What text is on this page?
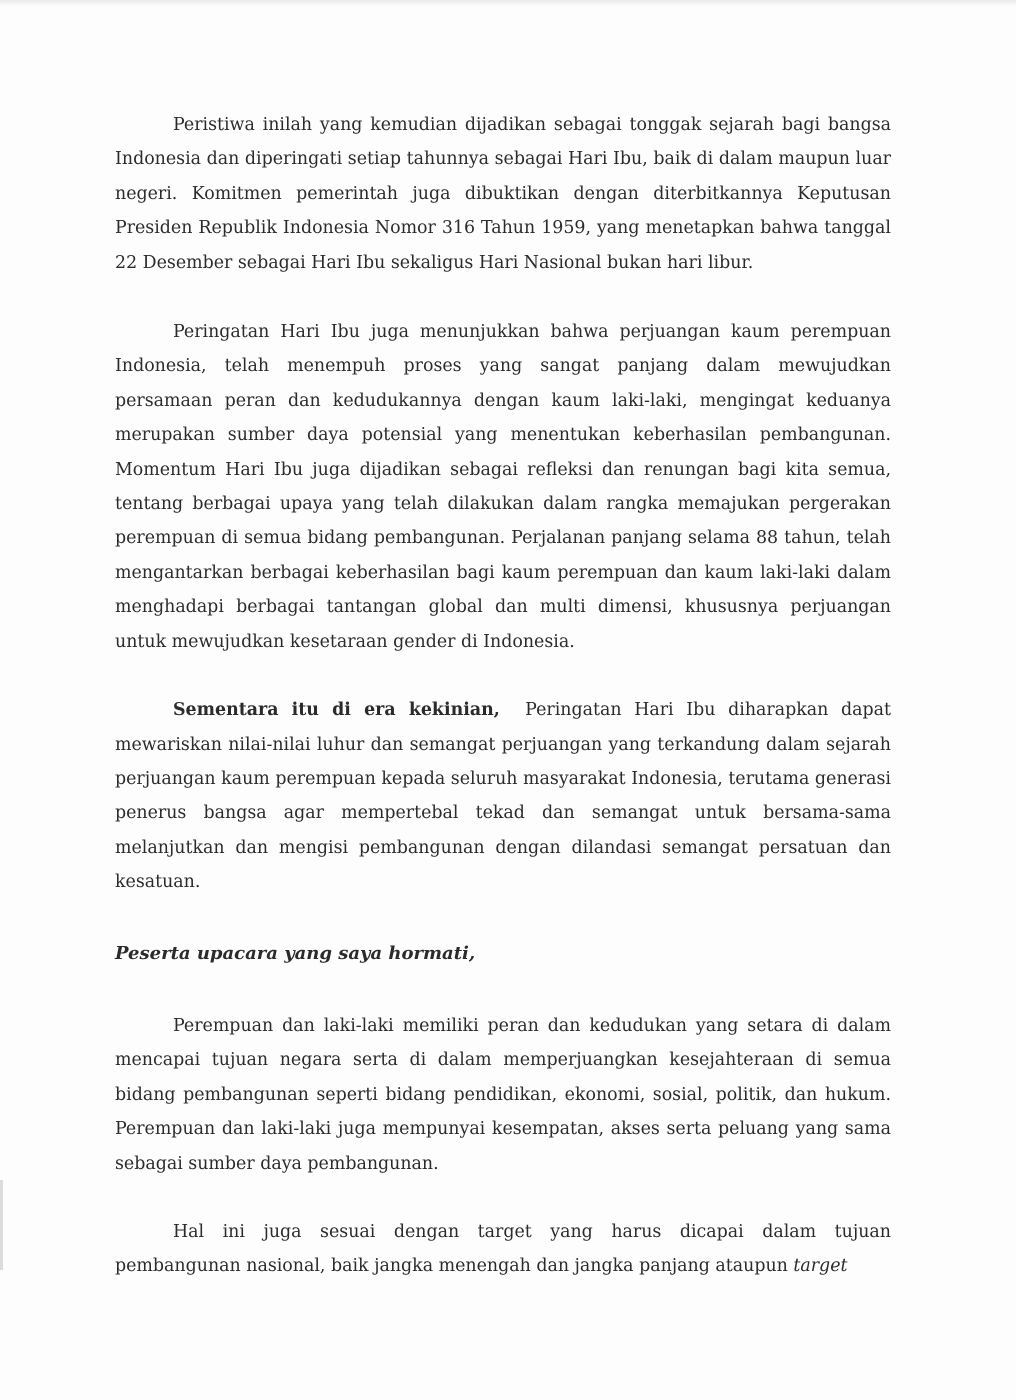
Peristiwa inilah yang kemudian dijadikan sebagai tonggak sejarah bagi bangsa Indonesia dan diperingati setiap tahunnya sebagai Hari Ibu, baik di dalam maupun luar negeri. Komitmen pemerintah juga dibuktikan dengan diterbitkannya Keputusan Presiden Republik Indonesia Nomor 316 Tahun 1959, yang menetapkan bahwa tanggal 22 Desember sebagai Hari Ibu sekaligus Hari Nasional bukan hari libur.

Peringatan Hari Ibu juga menunjukkan bahwa perjuangan kaum perempuan Indonesia, telah menempuh proses yang sangat panjang dalam mewujudkan persamaan peran dan kedudukannya dengan kaum laki-laki, mengingat keduanya merupakan sumber daya potensial yang menentukan keberhasilan pembangunan. Momentum Hari Ibu juga dijadikan sebagai refleksi dan renungan bagi kita semua, tentang berbagai upaya yang telah dilakukan dalam rangka memajukan pergerakan perempuan di semua bidang pembangunan. Perjalanan panjang selama 88 tahun, telah mengantarkan berbagai keberhasilan bagi kaum perempuan dan kaum laki-laki dalam menghadapi berbagai tantangan global dan multi dimensi, khususnya perjuangan untuk mewujudkan kesetaraan gender di Indonesia.

Sementara itu di era kekinian, Peringatan Hari Ibu diharapkan dapat mewariskan nilai-nilai luhur dan semangat perjuangan yang terkandung dalam sejarah perjuangan kaum perempuan kepada seluruh masyarakat Indonesia, terutama generasi penerus bangsa agar mempertebal tekad dan semangat untuk bersama-sama melanjutkan dan mengisi pembangunan dengan dilandasi semangat persatuan dan kesatuan.

Peserta upacara yang saya hormati,

Perempuan dan laki-laki memiliki peran dan kedudukan yang setara di dalam mencapai tujuan negara serta di dalam memperjuangkan kesejahteraan di semua bidang pembangunan seperti bidang pendidikan, ekonomi, sosial, politik, dan hukum. Perempuan dan laki-laki juga mempunyai kesempatan, akses serta peluang yang sama sebagai sumber daya pembangunan.

Hal ini juga sesuai dengan target yang harus dicapai dalam tujuan pembangunan nasional, baik jangka menengah dan jangka panjang ataupun target
